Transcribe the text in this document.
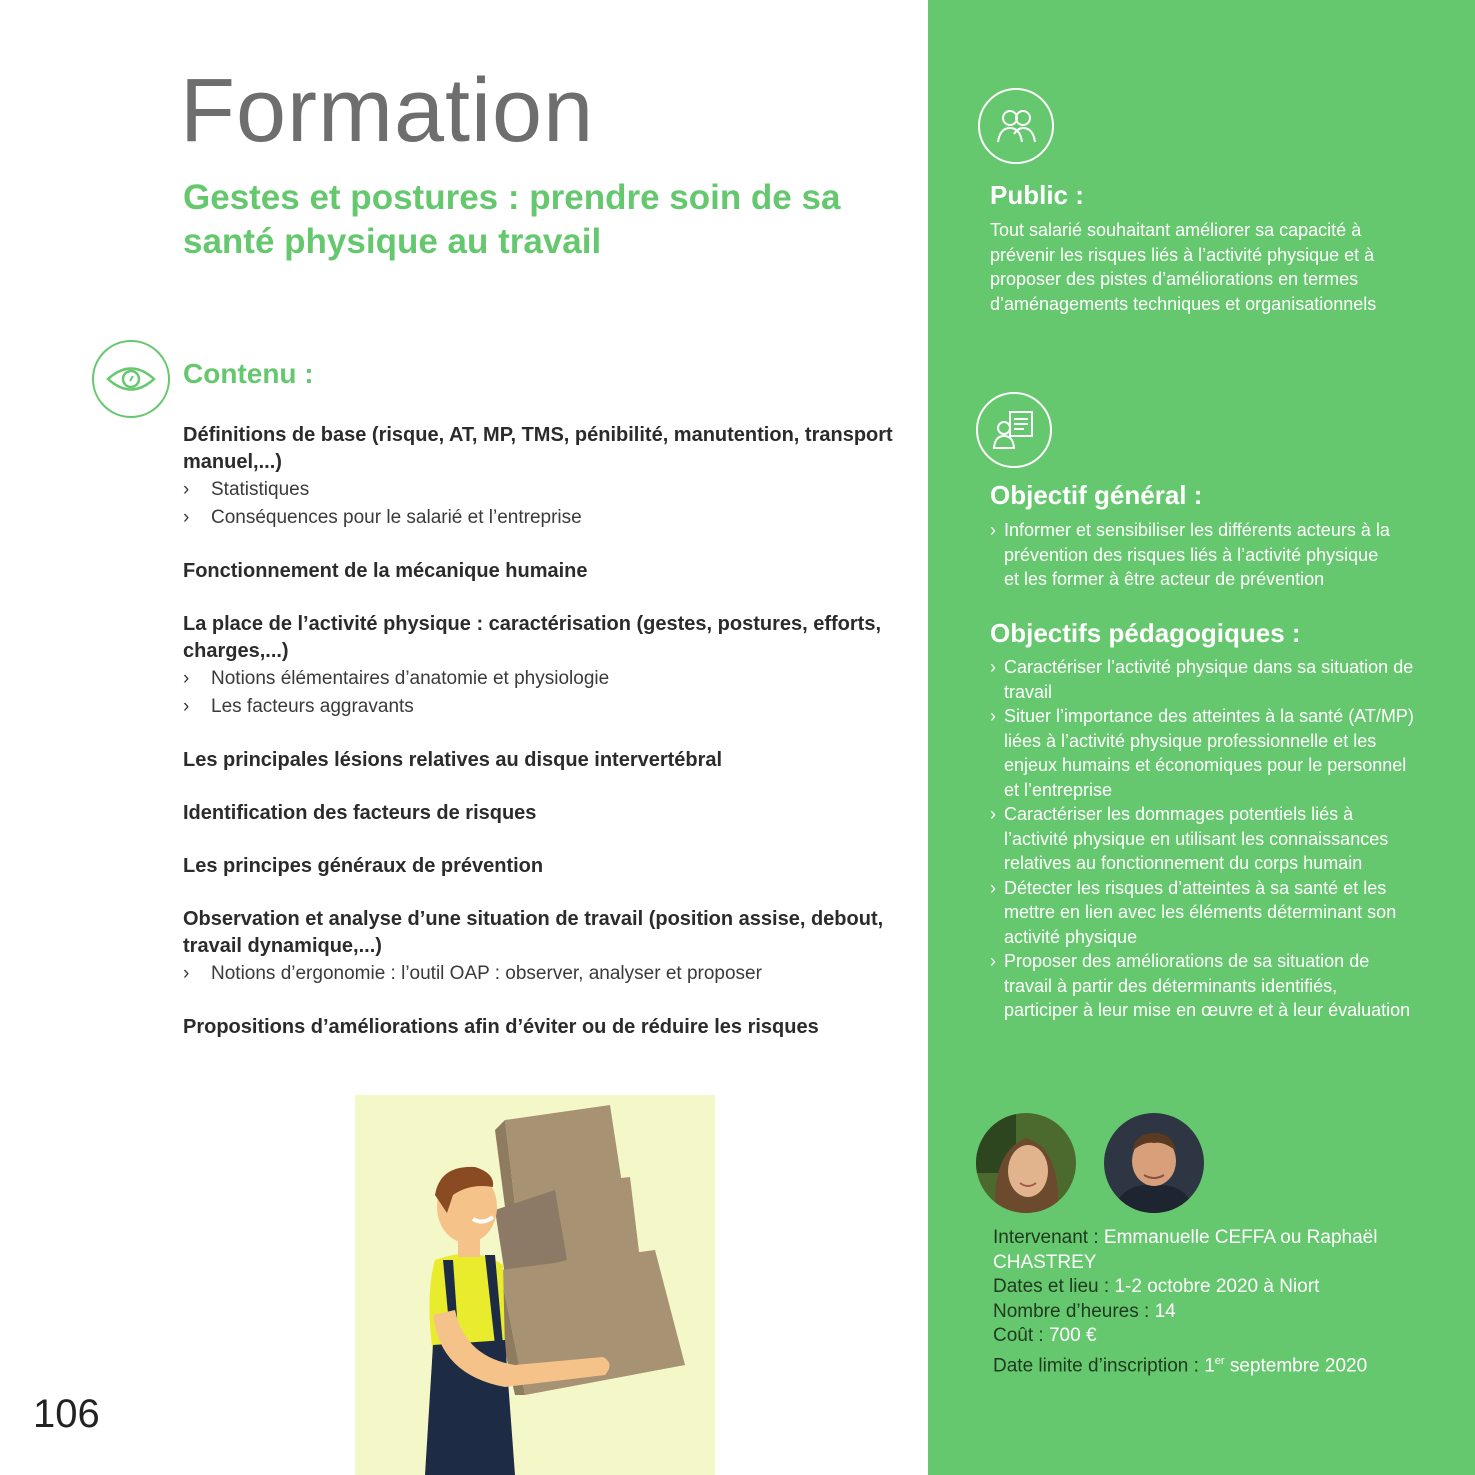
Formation
Gestes et postures : prendre soin de sa santé physique au travail
Contenu :
Définitions de base (risque, AT, MP, TMS, pénibilité, manutention, transport manuel,...)
› Statistiques
› Conséquences pour le salarié et l’entreprise
Fonctionnement de la mécanique humaine
La place de l’activité physique : caractérisation (gestes, postures, efforts, charges,...)
› Notions élémentaires d’anatomie et physiologie
› Les facteurs aggravants
Les principales lésions relatives au disque intervertébral
Identification des facteurs de risques
Les principes généraux de prévention
Observation et analyse d’une situation de travail (position assise, debout, travail dynamique,...)
› Notions d’ergonomie : l’outil OAP : observer, analyser et proposer
Propositions d’améliorations afin d’éviter ou de réduire les risques
106
Public :
Tout salarié souhaitant améliorer sa capacité à prévenir les risques liés à l’activité physique et à proposer des pistes d’améliorations en termes d’aménagements techniques et organisationnels
Objectif général :
› Informer et sensibiliser les différents acteurs à la prévention des risques liés à l’activité physique et les former à être acteur de prévention
Objectifs pédagogiques :
› Caractériser l’activité physique dans sa situation de travail
› Situer l’importance des atteintes à la santé (AT/MP) liées à l’activité physique professionnelle et les enjeux humains et économiques pour le personnel et l’entreprise
› Caractériser les dommages potentiels liés à l’activité physique en utilisant les connaissances relatives au fonctionnement du corps humain
› Détecter les risques d’atteintes à sa santé et les mettre en lien avec les éléments déterminant son activité physique
› Proposer des améliorations de sa situation de travail à partir des déterminants identifiés, participer à leur mise en œuvre et à leur évaluation
Intervenant : Emmanuelle CEFFA ou Raphaël CHASTREY
Dates et lieu : 1-2 octobre 2020 à Niort
Nombre d’heures : 14
Coût : 700 €
Date limite d’inscription : 1er septembre 2020
